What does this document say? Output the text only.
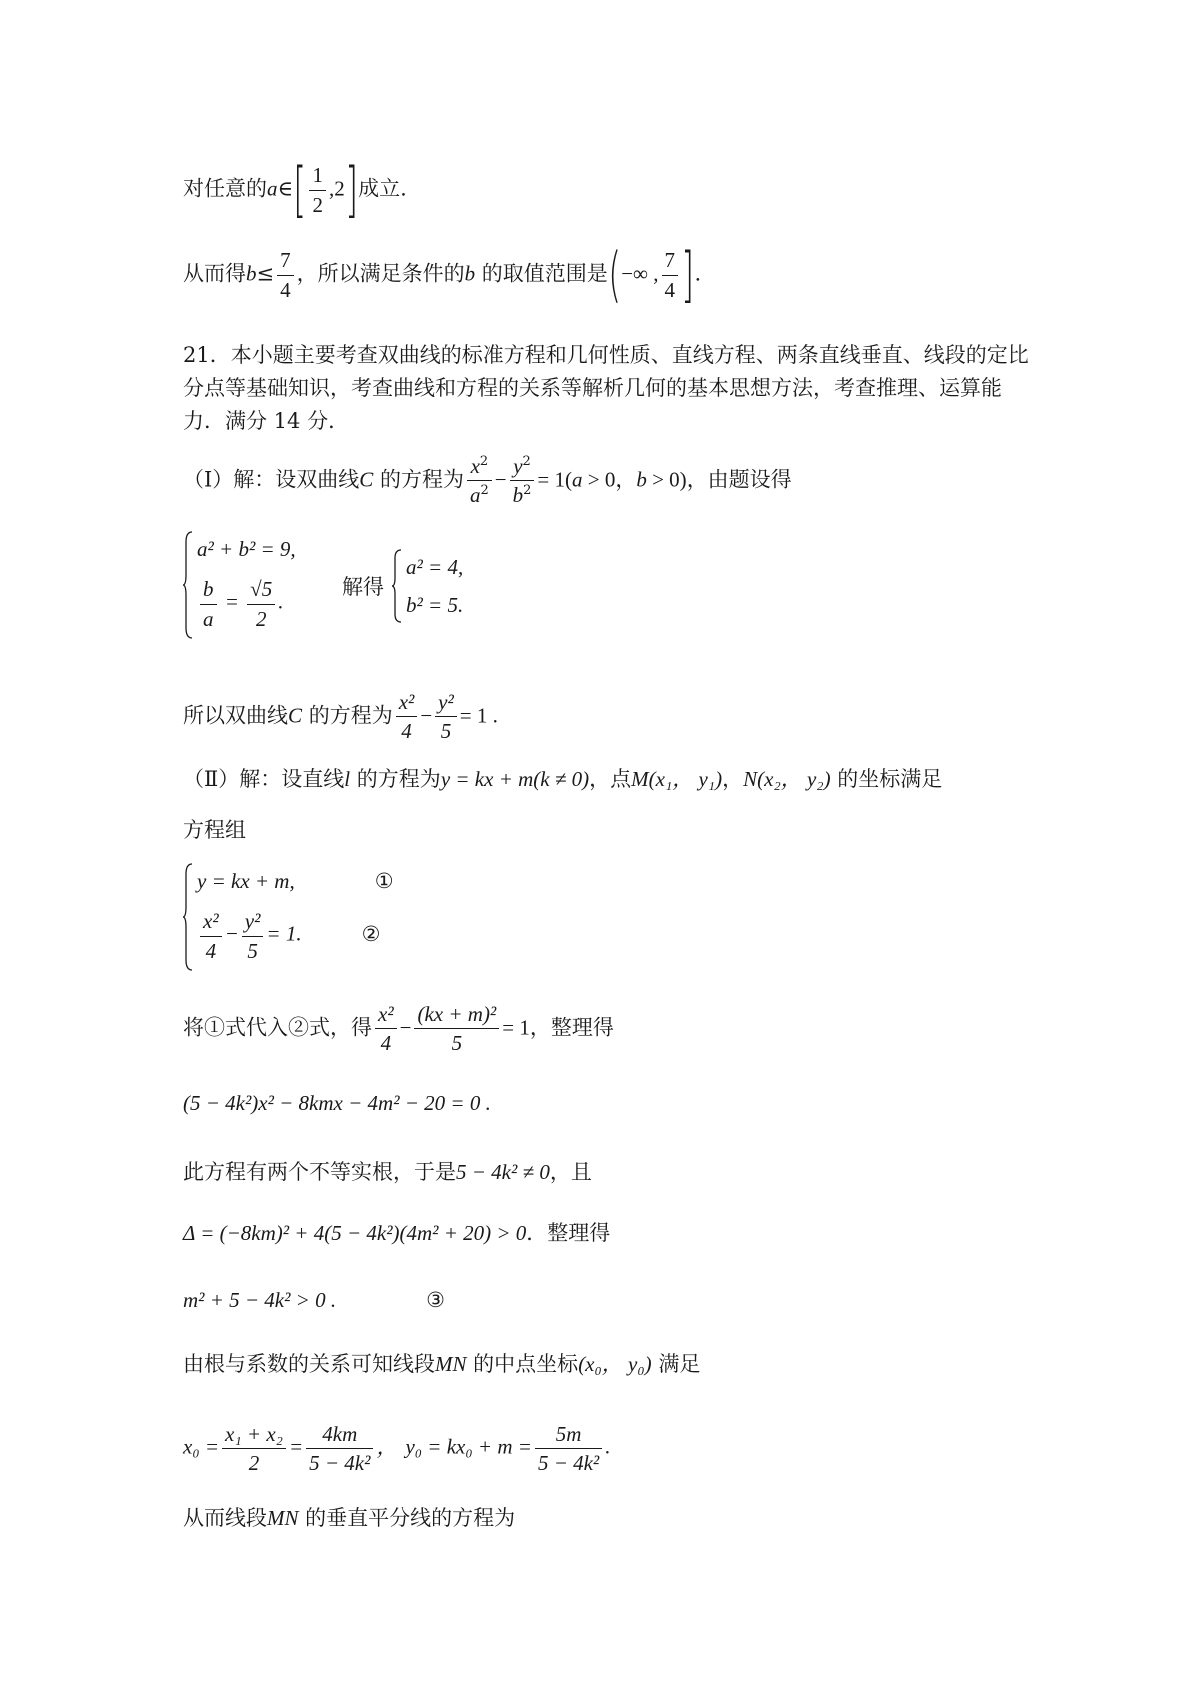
对任意的a∈[ $\frac{1}{2} ,2$]成立.
从而得$b\le \frac{7}{4}$ ，所以满足条件的b 的取值范围是(−∞ , $\frac{7}{4}$ ].
21．本小题主要考查双曲线的标准方程和几何性质、直线方程、两条直线垂直、线段的定比
分点等基础知识，考查曲线和方程的关系等解析几何的基本思想方法，考查推理、运算能
力．满分 14 分．
（Ⅰ）解：设双曲线C 的方程为 $\frac{x^2}{a^2} - \frac{y^2}{b^2} = 1(a > 0$，b > 0)，由题设得
a² + b² = 9,
$\frac{b}{a} = \frac{√5}{2}$ .
解得
a² = 4,
b² = 5.
所以双曲线C 的方程为 $\frac{\text{x²}}{4} - \frac{\text{y²}}{5} = 1$ .
（Ⅱ）解：设直线l 的方程为y = kx + m(k ≠ 0)，点M(x₁， y₁)，N(x₂， y₂) 的坐标满足
方程组
y = kx + m,	①
$\frac{\text{x²}}{4} - \frac{\text{y²}}{5} = 1$.	②
将①式代入②式，得 $\frac{\text{x²}}{4} - \frac{\text{(kx + m)²}}{5} = 1$，整理得
(5 − 4k²)x² − 8kmx − 4m² − 20 = 0 .
此方程有两个不等实根，于是5 − 4k² ≠ 0，且
Δ = (−8km)² + 4(5 − 4k²)(4m² + 20) > 0．整理得
m² + 5 − 4k² > 0 .	③
由根与系数的关系可知线段MN 的中点坐标(x₀， y₀) 满足
$x_0 = \frac{\text{x₁ + x₂}}{2} = \frac{4km}{\text{5 − 4k²}}$ ， $y_0 = kx_0 + m = \frac{5m}{\text{5 − 4k²}}$ .
从而线段MN 的垂直平分线的方程为
